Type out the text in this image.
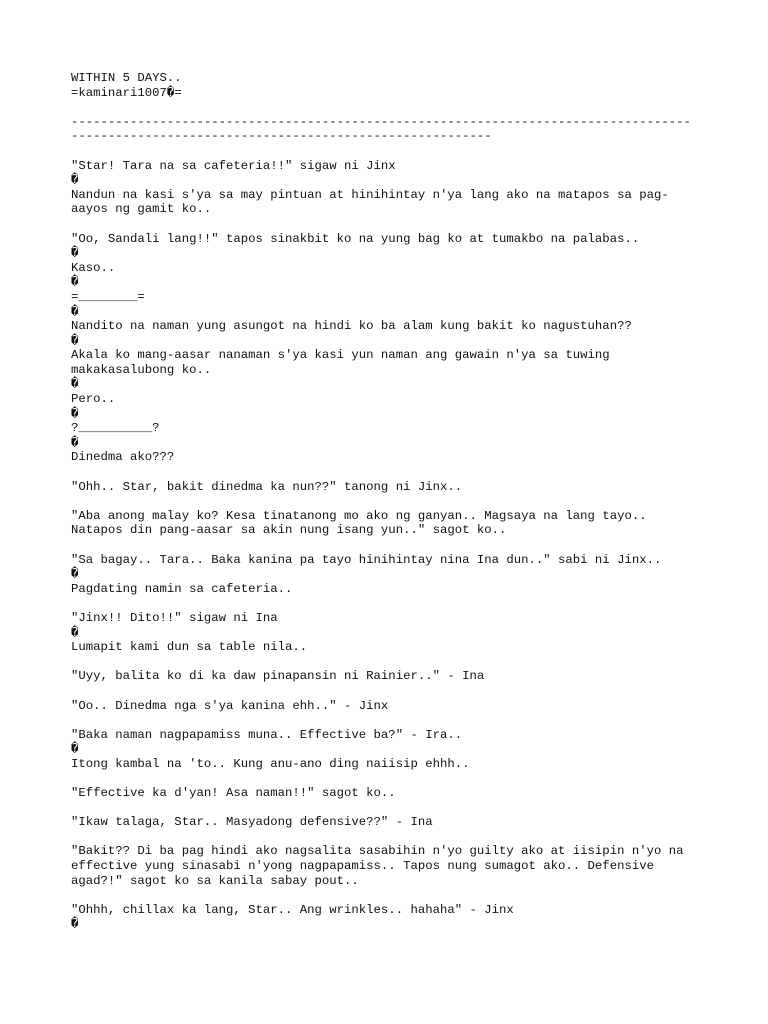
WITHIN 5 DAYS..
=kaminari1007�=
------------------------------------------------------------------------------------
---------------------------------------------------------
"Star! Tara na sa cafeteria!!" sigaw ni Jinx
�
Nandun na kasi s'ya sa may pintuan at hinihintay n'ya lang ako na matapos sa pag-
aayos ng gamit ko..
"Oo, Sandali lang!!" tapos sinakbit ko na yung bag ko at tumakbo na palabas..
�
Kaso..
�
=________=
�
Nandito na naman yung asungot na hindi ko ba alam kung bakit ko nagustuhan??
�
Akala ko mang-aasar nanaman s'ya kasi yun naman ang gawain n'ya sa tuwing
makakasalubong ko..
�
Pero..
�
?__________?
�
Dinedma ako???
"Ohh.. Star, bakit dinedma ka nun??" tanong ni Jinx..
"Aba anong malay ko? Kesa tinatanong mo ako ng ganyan.. Magsaya na lang tayo..
Natapos din pang-aasar sa akin nung isang yun.." sagot ko..
"Sa bagay.. Tara.. Baka kanina pa tayo hinihintay nina Ina dun.." sabi ni Jinx..
�
Pagdating namin sa cafeteria..
"Jinx!! Dito!!" sigaw ni Ina
�
Lumapit kami dun sa table nila..
"Uyy, balita ko di ka daw pinapansin ni Rainier.." - Ina
"Oo.. Dinedma nga s'ya kanina ehh.." - Jinx
"Baka naman nagpapamiss muna.. Effective ba?" - Ira..
�
Itong kambal na 'to.. Kung anu-ano ding naiisip ehhh..
"Effective ka d'yan! Asa naman!!" sagot ko..
"Ikaw talaga, Star.. Masyadong defensive??" - Ina
"Bakit?? Di ba pag hindi ako nagsalita sasabihin n'yo guilty ako at iisipin n'yo na
effective yung sinasabi n'yong nagpapamiss.. Tapos nung sumagot ako.. Defensive
agad?!" sagot ko sa kanila sabay pout..
"Ohhh, chillax ka lang, Star.. Ang wrinkles.. hahaha" - Jinx
�
